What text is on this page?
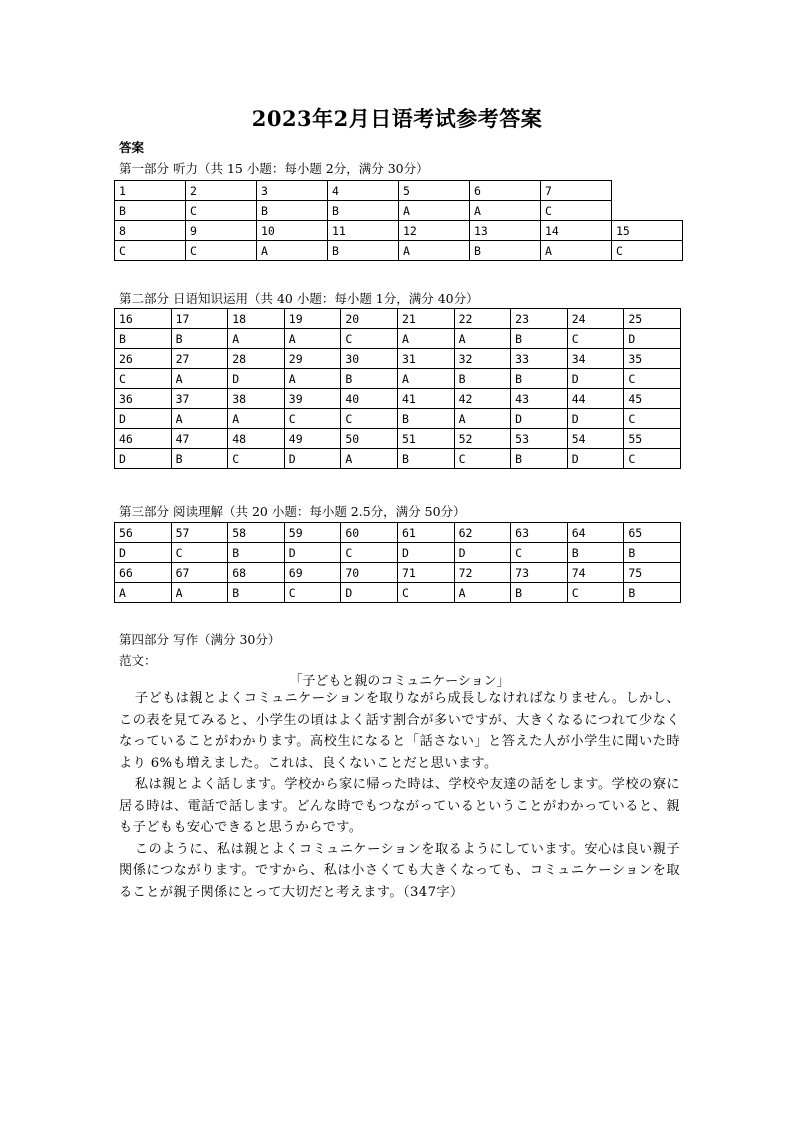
2023年2月日语考试参考答案
答案
第一部分 听力（共 15 小题：每小题 2分，满分 30分）
1	2	3	4	5	6	7	
B	C	B	B	A	A	C	
8	9	10	11	12	13	14	15
C	C	A	B	A	B	A	C
第二部分 日语知识运用（共 40 小题：每小题 1分，满分 40分）
16	17	18	19	20	21	22	23	24	25
B	B	A	A	C	A	A	B	C	D
26	27	28	29	30	31	32	33	34	35
C	A	D	A	B	A	B	B	D	C
36	37	38	39	40	41	42	43	44	45
D	A	A	C	C	B	A	D	D	C
46	47	48	49	50	51	52	53	54	55
D	B	C	D	A	B	C	B	D	C
第三部分 阅读理解（共 20 小题：每小题 2.5分，满分 50分）
56	57	58	59	60	61	62	63	64	65
D	C	B	D	C	D	D	C	B	B
66	67	68	69	70	71	72	73	74	75
A	A	B	C	D	C	A	B	C	B
第四部分 写作（满分 30分）
范文：
「子どもと親のコミュニケーション」

子どもは親とよくコミュニケーションを取りながら成長しなければなりません。しかし、この表を見てみると、小学生の頃はよく話す割合が多いですが、大きくなるにつれて少なくなっていることがわかります。高校生になると「話さない」と答えた人が小学生に聞いた時より 6%も増えました。これは、良くないことだと思います。

私は親とよく話します。学校から家に帰った時は、学校や友達の話をします。学校の寮に居る時は、電話で話します。どんな時でもつながっているということがわかっていると、親も子どもも安心できると思うからです。

このように、私は親とよくコミュニケーションを取るようにしています。安心は良い親子関係につながります。ですから、私は小さくても大きくなっても、コミュニケーションを取ることが親子関係にとって大切だと考えます。（347字）
